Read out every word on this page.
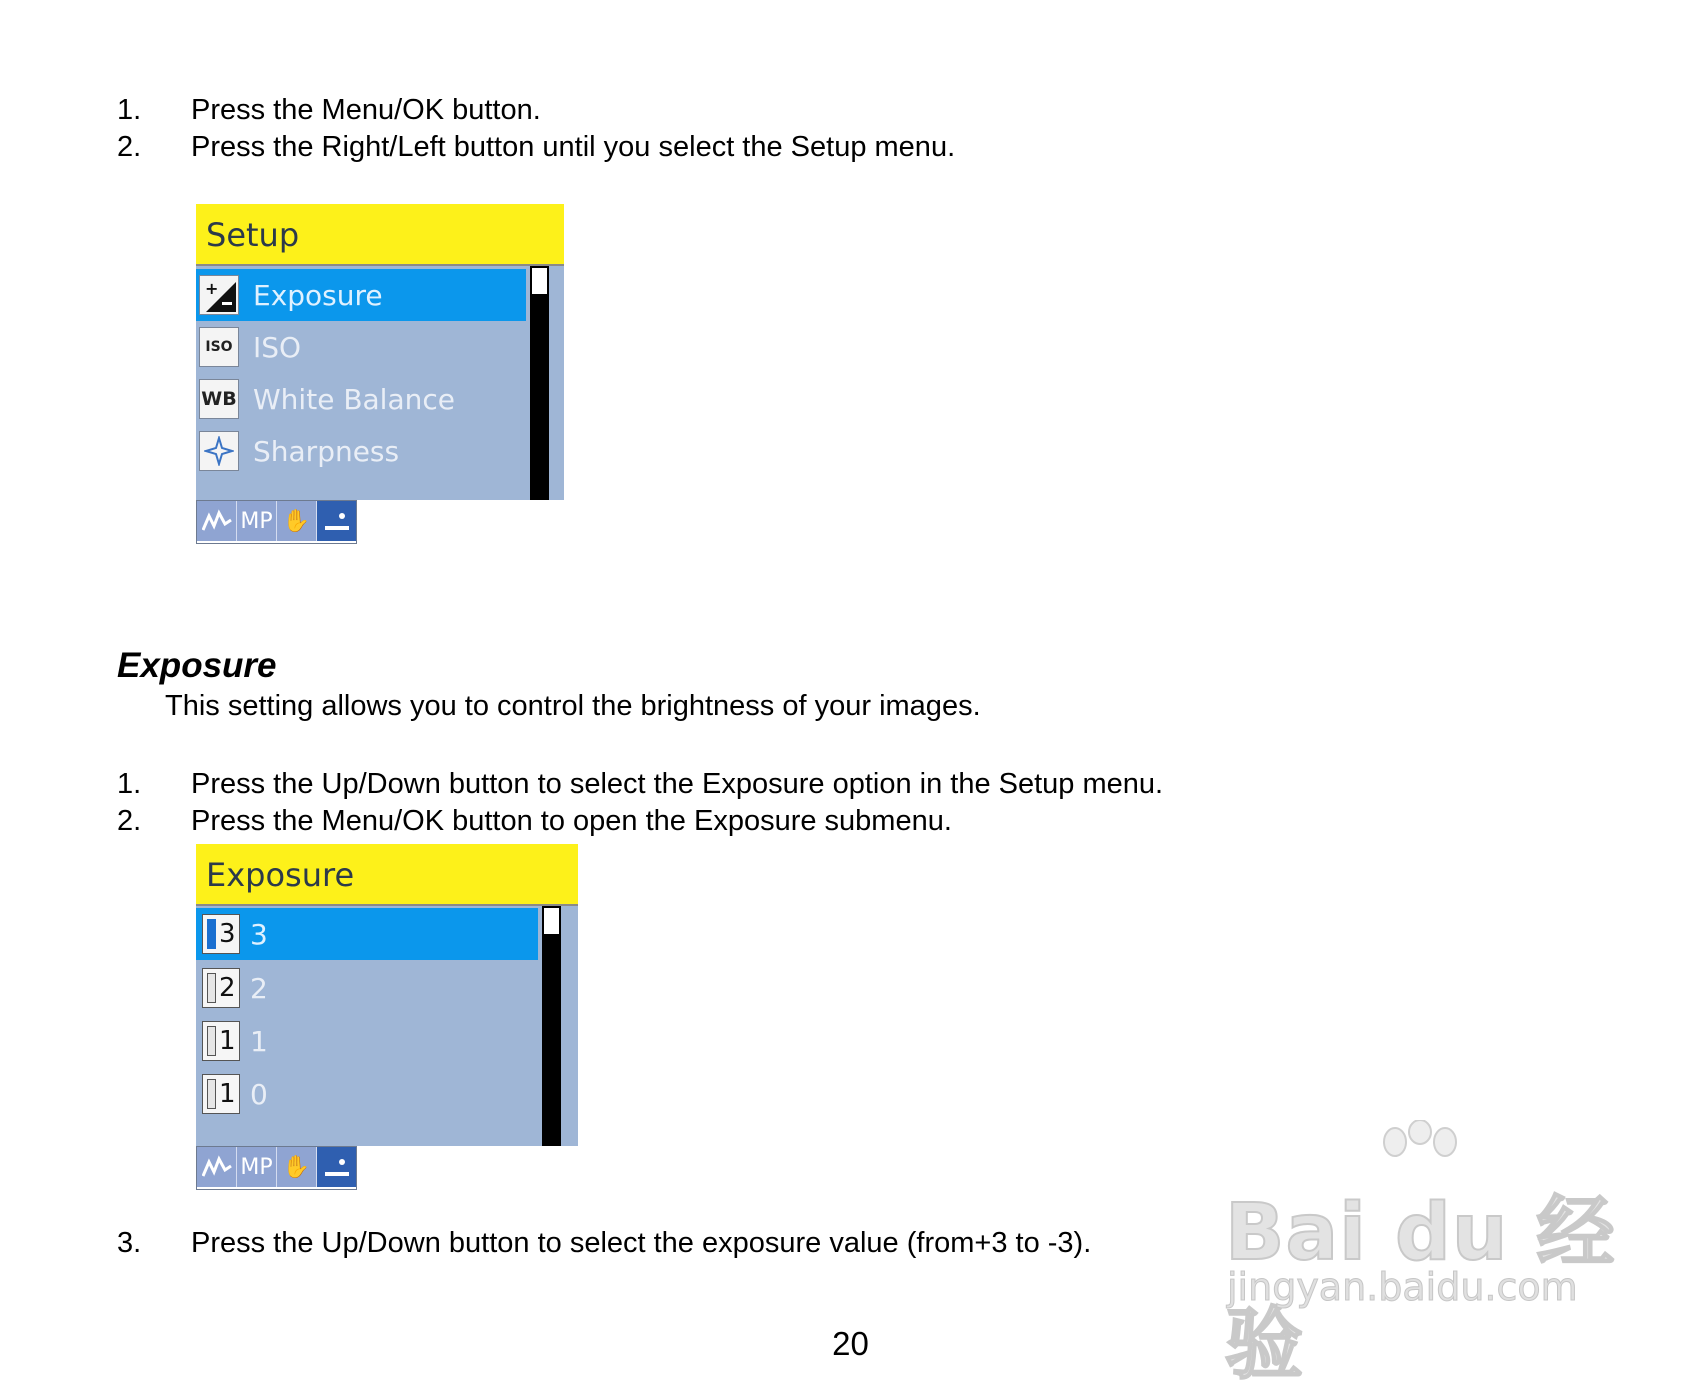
1. Press the Menu/OK button.
2. Press the Right/Left button until you select the Setup menu.
Setup
+ Exposure
ISO ISO
WB White Balance
Sharpness
MP ✋
Exposure
This setting allows you to control the brightness of your images.
1. Press the Up/Down button to select the Exposure option in the Setup menu.
2. Press the Menu/OK button to open the Exposure submenu.
Exposure
3 3
2 2
1 1
1 0
MP ✋
3. Press the Up/Down button to select the exposure value (from+3 to -3). Bai du 经验
jingyan.baidu.com
20
